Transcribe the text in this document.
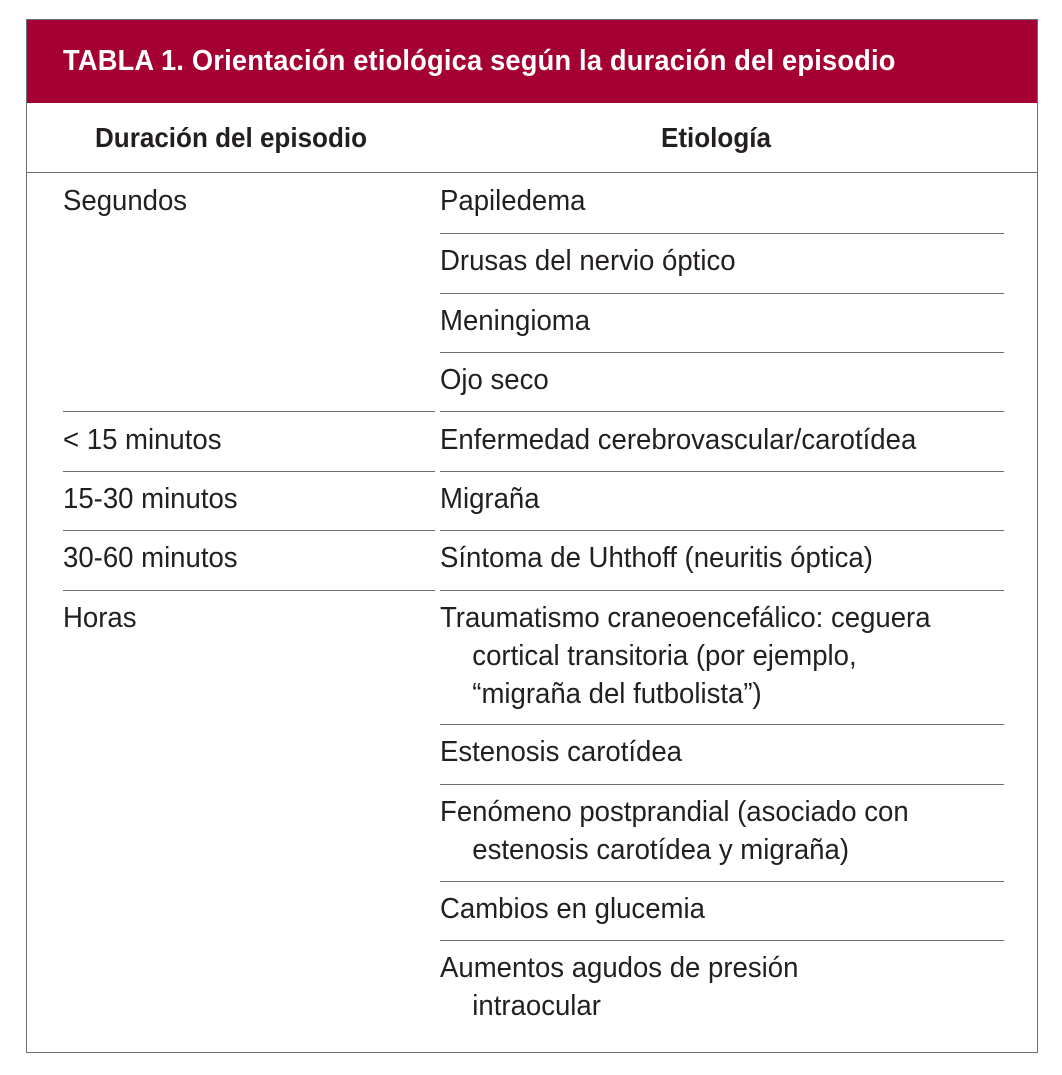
TABLA 1. Orientación etiológica según la duración del episodio
Duración del episodio	Etiología
Segundos	Papiledema
Drusas del nervio óptico
Meningioma
Ojo seco
< 15 minutos	Enfermedad cerebrovascular/carotídea
15-30 minutos	Migraña
30-60 minutos	Síntoma de Uhthoff (neuritis óptica)
Horas	Traumatismo craneoencefálico: ceguera
cortical transitoria (por ejemplo,
“migraña del futbolista”)
Estenosis carotídea
Fenómeno postprandial (asociado con
estenosis carotídea y migraña)
Cambios en glucemia
Aumentos agudos de presión
intraocular
